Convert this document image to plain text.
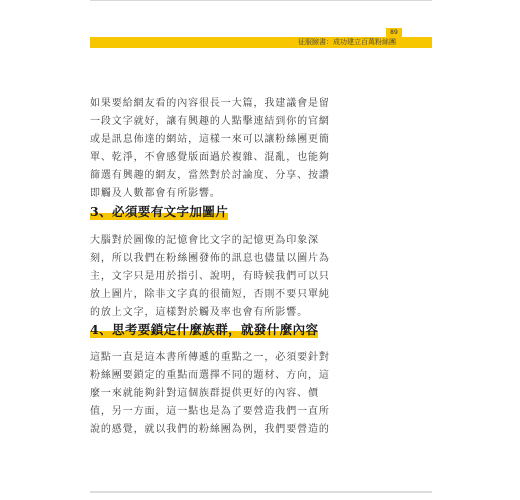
89
征服臉書：成功建立百萬粉絲團
如果要給網友看的內容很長一大篇，我建議會是留
一段文字就好，讓有興趣的人點擊連結到你的官網
或是訊息佈達的網站，這樣一來可以讓粉絲團更簡
單、乾淨，不會感覺版面過於複雜、混亂，也能夠
篩選有興趣的網友，當然對於討論度、分享、按讚
即觸及人數都會有所影響。
3、必須要有文字加圖片
大腦對於圖像的記憶會比文字的記憶更為印象深
刻，所以我們在粉絲團發佈的訊息也儘量以圖片為
主，文字只是用於指引、說明，有時候我們可以只
放上圖片，除非文字真的很簡短，否則不要只單純
的放上文字，這樣對於觸及率也會有所影響。
4、思考要鎖定什麼族群，就發什麼內容
這點一直是這本書所傳遞的重點之一，必須要針對
粉絲團要鎖定的重點而選擇不同的題材、方向，這
麼一來就能夠針對這個族群提供更好的內容、價
值，另一方面，這一點也是為了要營造我們一直所
說的感覺，就以我們的粉絲團為例，我們要營造的
